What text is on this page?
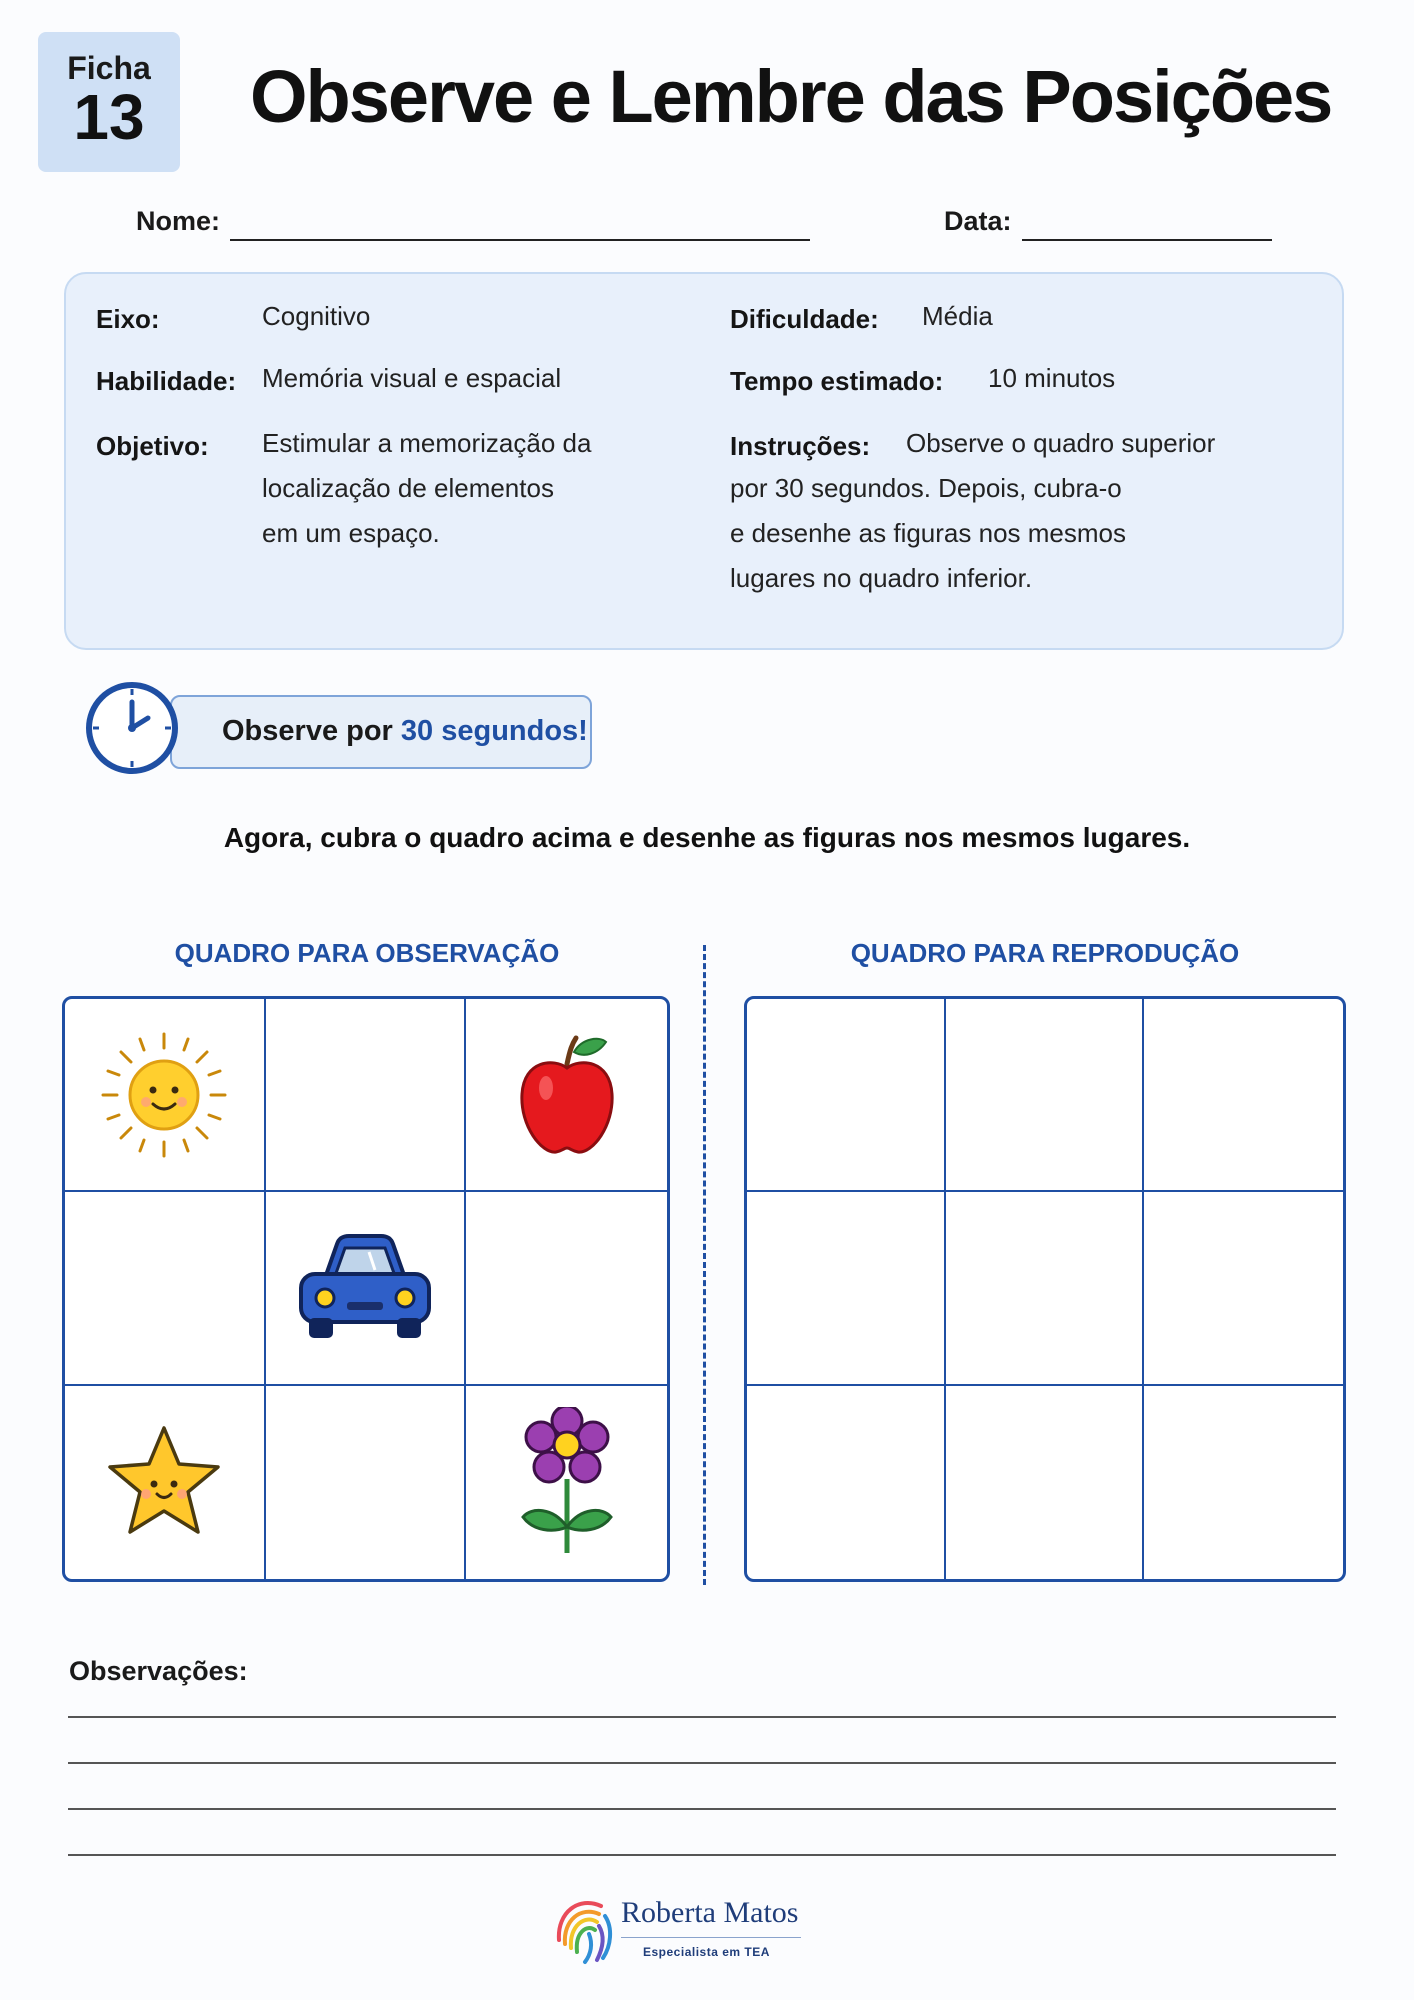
Ficha
13 Observe e Lembre das Posições
Nome:	Data:
Eixo:	Cognitivo
Habilidade: Memória visual e espacial
Objetivo: Estimular a memorização da
localização de elementos
em um espaço.
Dificuldade: Média
Tempo estimado: 10 minutos
Instruções: Observe o quadro superior
por 30 segundos. Depois, cubra-o
e desenhe as figuras nos mesmos
lugares no quadro inferior.
Observe por 30 segundos!
Agora, cubra o quadro acima e desenhe as figuras nos mesmos lugares.
QUADRO PARA OBSERVAÇÃO	QUADRO PARA REPRODUÇÃO
Observações:
Roberta Matos
Especialista em TEA
